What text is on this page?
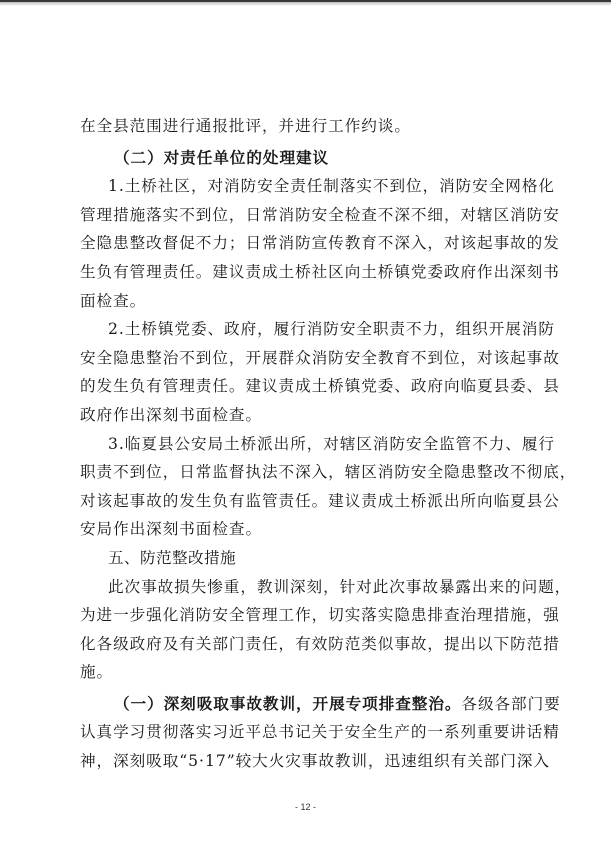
在全县范围进行通报批评，并进行工作约谈。

（二）对责任单位的处理建议

1.土桥社区，对消防安全责任制落实不到位，消防安全网格化

管理措施落实不到位，日常消防安全检查不深不细，对辖区消防安

全隐患整改督促不力；日常消防宣传教育不深入，对该起事故的发

生负有管理责任。建议责成土桥社区向土桥镇党委政府作出深刻书

面检查。

2.土桥镇党委、政府，履行消防安全职责不力，组织开展消防

安全隐患整治不到位，开展群众消防安全教育不到位，对该起事故

的发生负有管理责任。建议责成土桥镇党委、政府向临夏县委、县

政府作出深刻书面检查。

3.临夏县公安局土桥派出所，对辖区消防安全监管不力、履行

职责不到位，日常监督执法不深入，辖区消防安全隐患整改不彻底，

对该起事故的发生负有监管责任。建议责成土桥派出所向临夏县公

安局作出深刻书面检查。

五、防范整改措施

此次事故损失惨重，教训深刻，针对此次事故暴露出来的问题，

为进一步强化消防安全管理工作，切实落实隐患排查治理措施，强

化各级政府及有关部门责任，有效防范类似事故，提出以下防范措

施。

（一）深刻吸取事故教训，开展专项排查整治。各级各部门要

认真学习贯彻落实习近平总书记关于安全生产的一系列重要讲话精

神，深刻吸取“5·17”较大火灾事故教训，迅速组织有关部门深入

- 12 -
